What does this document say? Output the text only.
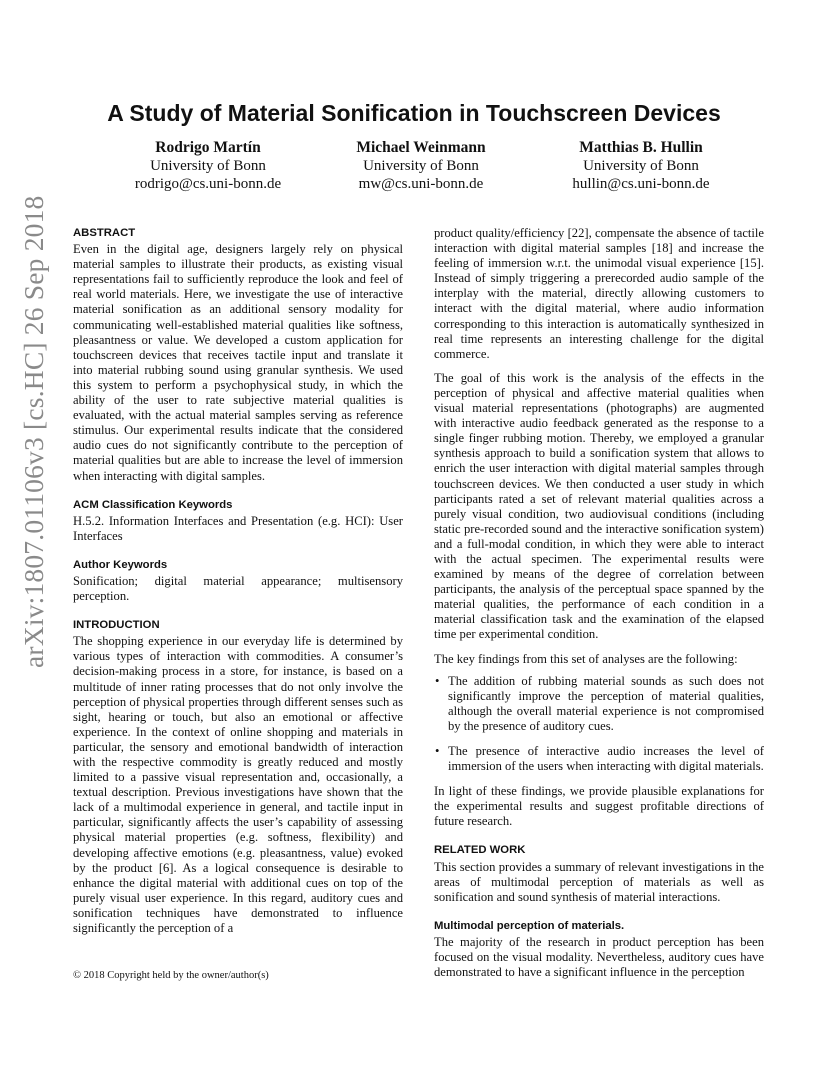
arXiv:1807.01106v3 [cs.HC] 26 Sep 2018
A Study of Material Sonification in Touchscreen Devices
Rodrigo Martín
University of Bonn
rodrigo@cs.uni-bonn.de
Michael Weinmann
University of Bonn
mw@cs.uni-bonn.de
Matthias B. Hullin
University of Bonn
hullin@cs.uni-bonn.de
ABSTRACT

Even in the digital age, designers largely rely on physical material samples to illustrate their products, as existing visual representations fail to sufficiently reproduce the look and feel of real world materials. Here, we investigate the use of interactive material sonification as an additional sensory modality for communicating well-established material qualities like softness, pleasantness or value. We developed a custom application for touchscreen devices that receives tactile input and translate it into material rubbing sound using granular synthesis. We used this system to perform a psychophysical study, in which the ability of the user to rate subjective material qualities is evaluated, with the actual material samples serving as reference stimulus. Our experimental results indicate that the considered audio cues do not significantly contribute to the perception of material qualities but are able to increase the level of immersion when interacting with digital samples.

ACM Classification Keywords

H.5.2. Information Interfaces and Presentation (e.g. HCI): User Interfaces

Author Keywords

Sonification; digital material appearance; multisensory perception.

INTRODUCTION

The shopping experience in our everyday life is determined by various types of interaction with commodities. A consumer’s decision-making process in a store, for instance, is based on a multitude of inner rating processes that do not only involve the perception of physical properties through different senses such as sight, hearing or touch, but also an emotional or affective experience. In the context of online shopping and materials in particular, the sensory and emotional bandwidth of interaction with the respective commodity is greatly reduced and mostly limited to a passive visual representation and, occasionally, a textual description. Previous investigations have shown that the lack of a multimodal experience in general, and tactile input in particular, significantly affects the user’s capability of assessing physical material properties (e.g. softness, flexibility) and developing affective emotions (e.g. pleasantness, value) evoked by the product [6]. As a logical consequence is desirable to enhance the digital material with additional cues on top of the purely visual user experience. In this regard, auditory cues and sonification techniques have demonstrated to influence significantly the perception of a

product quality/efficiency [22], compensate the absence of tactile interaction with digital material samples [18] and increase the feeling of immersion w.r.t. the unimodal visual experience [15]. Instead of simply triggering a prerecorded audio sample of the interplay with the material, directly allowing customers to interact with the digital material, where audio information corresponding to this interaction is automatically synthesized in real time represents an interesting challenge for the digital commerce.

The goal of this work is the analysis of the effects in the perception of physical and affective material qualities when visual material representations (photographs) are augmented with interactive audio feedback generated as the response to a single finger rubbing motion. Thereby, we employed a granular synthesis approach to build a sonification system that allows to enrich the user interaction with digital material samples through touchscreen devices. We then conducted a user study in which participants rated a set of relevant material qualities across a purely visual condition, two audiovisual conditions (including static pre-recorded sound and the interactive sonification system) and a full-modal condition, in which they were able to interact with the actual specimen. The experimental results were examined by means of the degree of correlation between participants, the analysis of the perceptual space spanned by the material qualities, the performance of each condition in a material classification task and the examination of the elapsed time per experimental condition.

The key findings from this set of analyses are the following:

• The addition of rubbing material sounds as such does not significantly improve the perception of material qualities, although the overall material experience is not compromised by the presence of auditory cues.
• The presence of interactive audio increases the level of immersion of the users when interacting with digital materials.

In light of these findings, we provide plausible explanations for the experimental results and suggest profitable directions of future research.

RELATED WORK

This section provides a summary of relevant investigations in the areas of multimodal perception of materials as well as sonification and sound synthesis of material interactions.

Multimodal perception of materials.

The majority of the research in product perception has been focused on the visual modality. Nevertheless, auditory cues have demonstrated to have a significant influence in the perception

© 2018 Copyright held by the owner/author(s)
